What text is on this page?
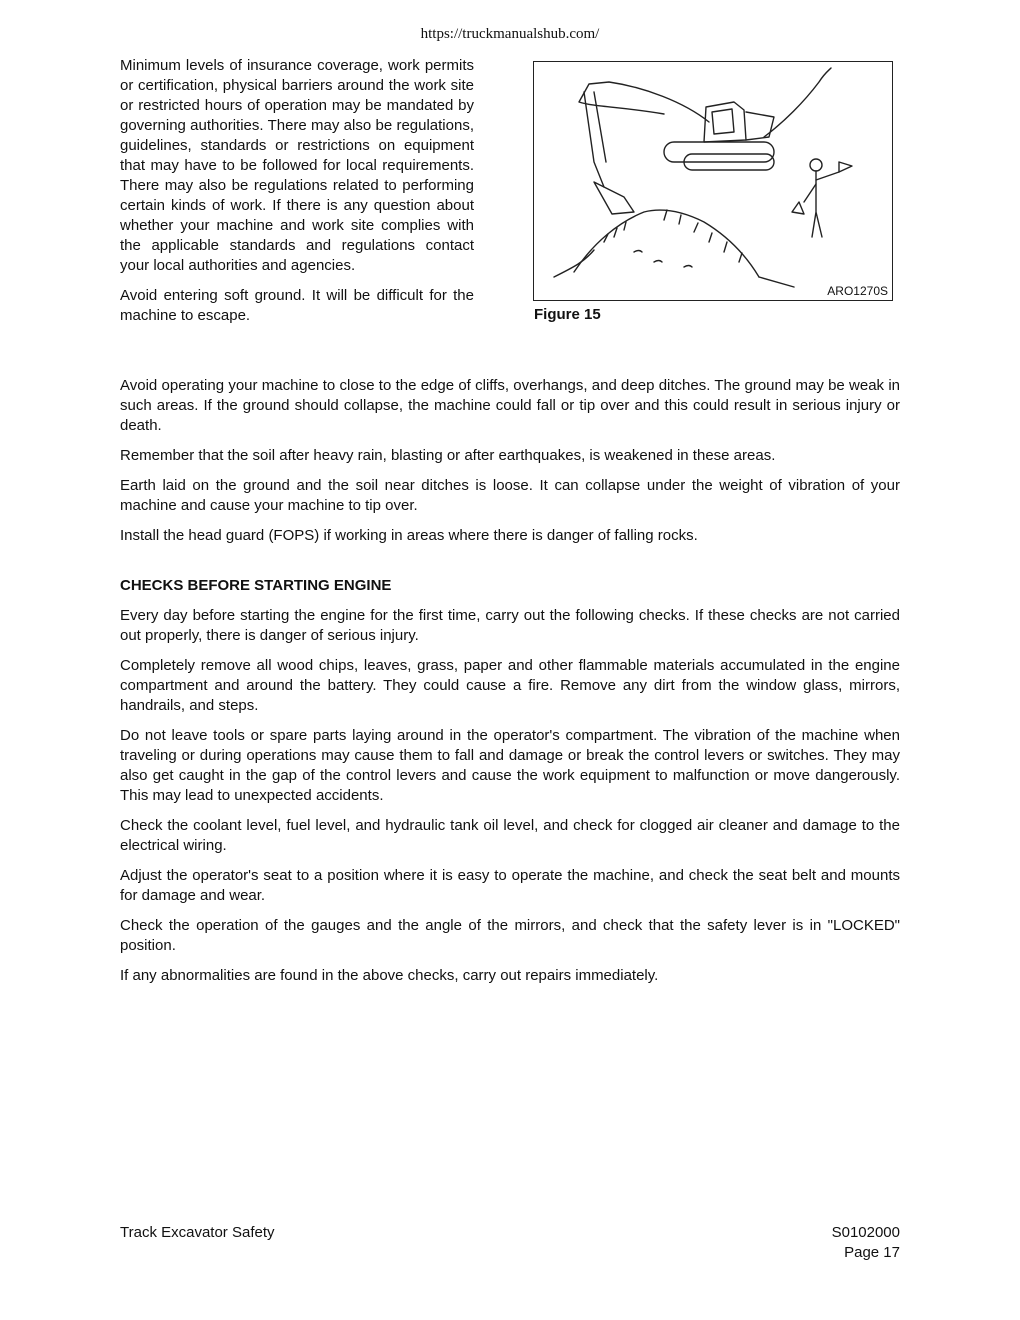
https://truckmanualshub.com/

Minimum levels of insurance coverage, work permits or certification, physical barriers around the work site or restricted hours of operation may be mandated by governing authorities. There may also be regulations, guidelines, standards or restrictions on equipment that may have to be followed for local requirements. There may also be regulations related to performing certain kinds of work. If there is any question about whether your machine and work site complies with the applicable standards and regulations contact your local authorities and agencies.

Avoid entering soft ground. It will be difficult for the machine to escape.

ARO1270S
Figure 15

Avoid operating your machine to close to the edge of cliffs, overhangs, and deep ditches. The ground may be weak in such areas. If the ground should collapse, the machine could fall or tip over and this could result in serious injury or death.

Remember that the soil after heavy rain, blasting or after earthquakes, is weakened in these areas.

Earth laid on the ground and the soil near ditches is loose. It can collapse under the weight of vibration of your machine and cause your machine to tip over.

Install the head guard (FOPS) if working in areas where there is danger of falling rocks.

CHECKS BEFORE STARTING ENGINE

Every day before starting the engine for the first time, carry out the following checks. If these checks are not carried out properly, there is danger of serious injury.

Completely remove all wood chips, leaves, grass, paper and other flammable materials accumulated in the engine compartment and around the battery. They could cause a fire. Remove any dirt from the window glass, mirrors, handrails, and steps.

Do not leave tools or spare parts laying around in the operator's compartment. The vibration of the machine when traveling or during operations may cause them to fall and damage or break the control levers or switches. They may also get caught in the gap of the control levers and cause the work equipment to malfunction or move dangerously. This may lead to unexpected accidents.

Check the coolant level, fuel level, and hydraulic tank oil level, and check for clogged air cleaner and damage to the electrical wiring.

Adjust the operator's seat to a position where it is easy to operate the machine, and check the seat belt and mounts for damage and wear.

Check the operation of the gauges and the angle of the mirrors, and check that the safety lever is in "LOCKED" position.

If any abnormalities are found in the above checks, carry out repairs immediately.

Track Excavator Safety	S0102000
Page 17
